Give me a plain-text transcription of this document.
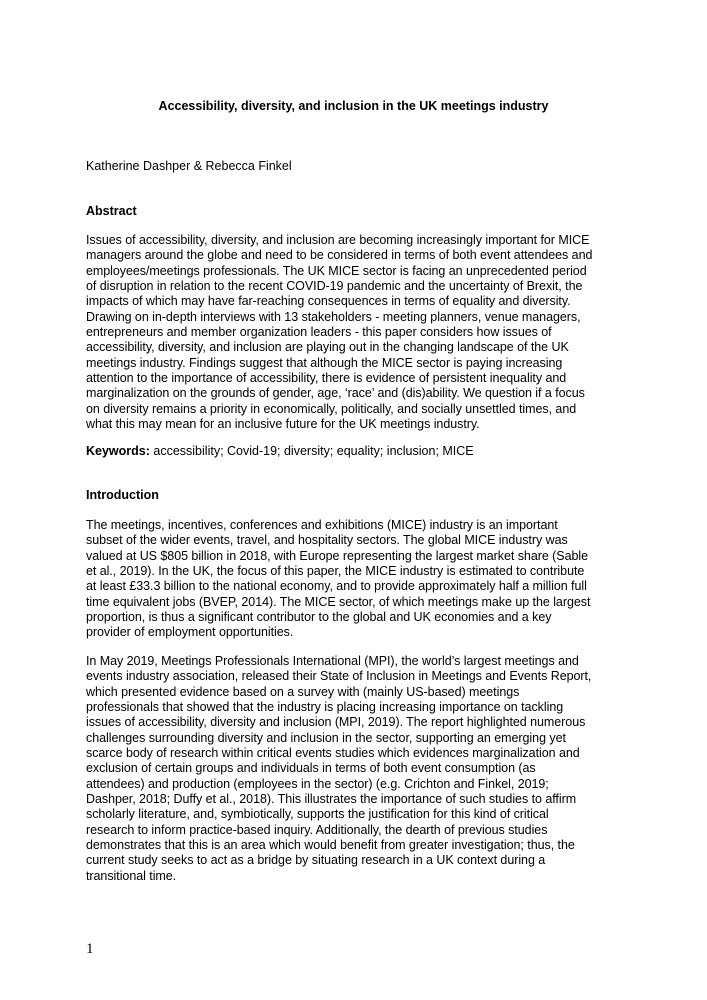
Accessibility, diversity, and inclusion in the UK meetings industry
Katherine Dashper & Rebecca Finkel
Abstract
Issues of accessibility, diversity, and inclusion are becoming increasingly important for MICE
managers around the globe and need to be considered in terms of both event attendees and
employees/meetings professionals. The UK MICE sector is facing an unprecedented period
of disruption in relation to the recent COVID-19 pandemic and the uncertainty of Brexit, the
impacts of which may have far-reaching consequences in terms of equality and diversity.
Drawing on in-depth interviews with 13 stakeholders - meeting planners, venue managers,
entrepreneurs and member organization leaders - this paper considers how issues of
accessibility, diversity, and inclusion are playing out in the changing landscape of the UK
meetings industry. Findings suggest that although the MICE sector is paying increasing
attention to the importance of accessibility, there is evidence of persistent inequality and
marginalization on the grounds of gender, age, ‘race’ and (dis)ability. We question if a focus
on diversity remains a priority in economically, politically, and socially unsettled times, and
what this may mean for an inclusive future for the UK meetings industry.
Keywords: accessibility; Covid-19; diversity; equality; inclusion; MICE
Introduction
The meetings, incentives, conferences and exhibitions (MICE) industry is an important
subset of the wider events, travel, and hospitality sectors. The global MICE industry was
valued at US $805 billion in 2018, with Europe representing the largest market share (Sable
et al., 2019). In the UK, the focus of this paper, the MICE industry is estimated to contribute
at least £33.3 billion to the national economy, and to provide approximately half a million full
time equivalent jobs (BVEP, 2014). The MICE sector, of which meetings make up the largest
proportion, is thus a significant contributor to the global and UK economies and a key
provider of employment opportunities.
In May 2019, Meetings Professionals International (MPI), the world’s largest meetings and
events industry association, released their State of Inclusion in Meetings and Events Report,
which presented evidence based on a survey with (mainly US-based) meetings
professionals that showed that the industry is placing increasing importance on tackling
issues of accessibility, diversity and inclusion (MPI, 2019). The report highlighted numerous
challenges surrounding diversity and inclusion in the sector, supporting an emerging yet
scarce body of research within critical events studies which evidences marginalization and
exclusion of certain groups and individuals in terms of both event consumption (as
attendees) and production (employees in the sector) (e.g. Crichton and Finkel, 2019;
Dashper, 2018; Duffy et al., 2018). This illustrates the importance of such studies to affirm
scholarly literature, and, symbiotically, supports the justification for this kind of critical
research to inform practice-based inquiry. Additionally, the dearth of previous studies
demonstrates that this is an area which would benefit from greater investigation; thus, the
current study seeks to act as a bridge by situating research in a UK context during a
transitional time.
1
